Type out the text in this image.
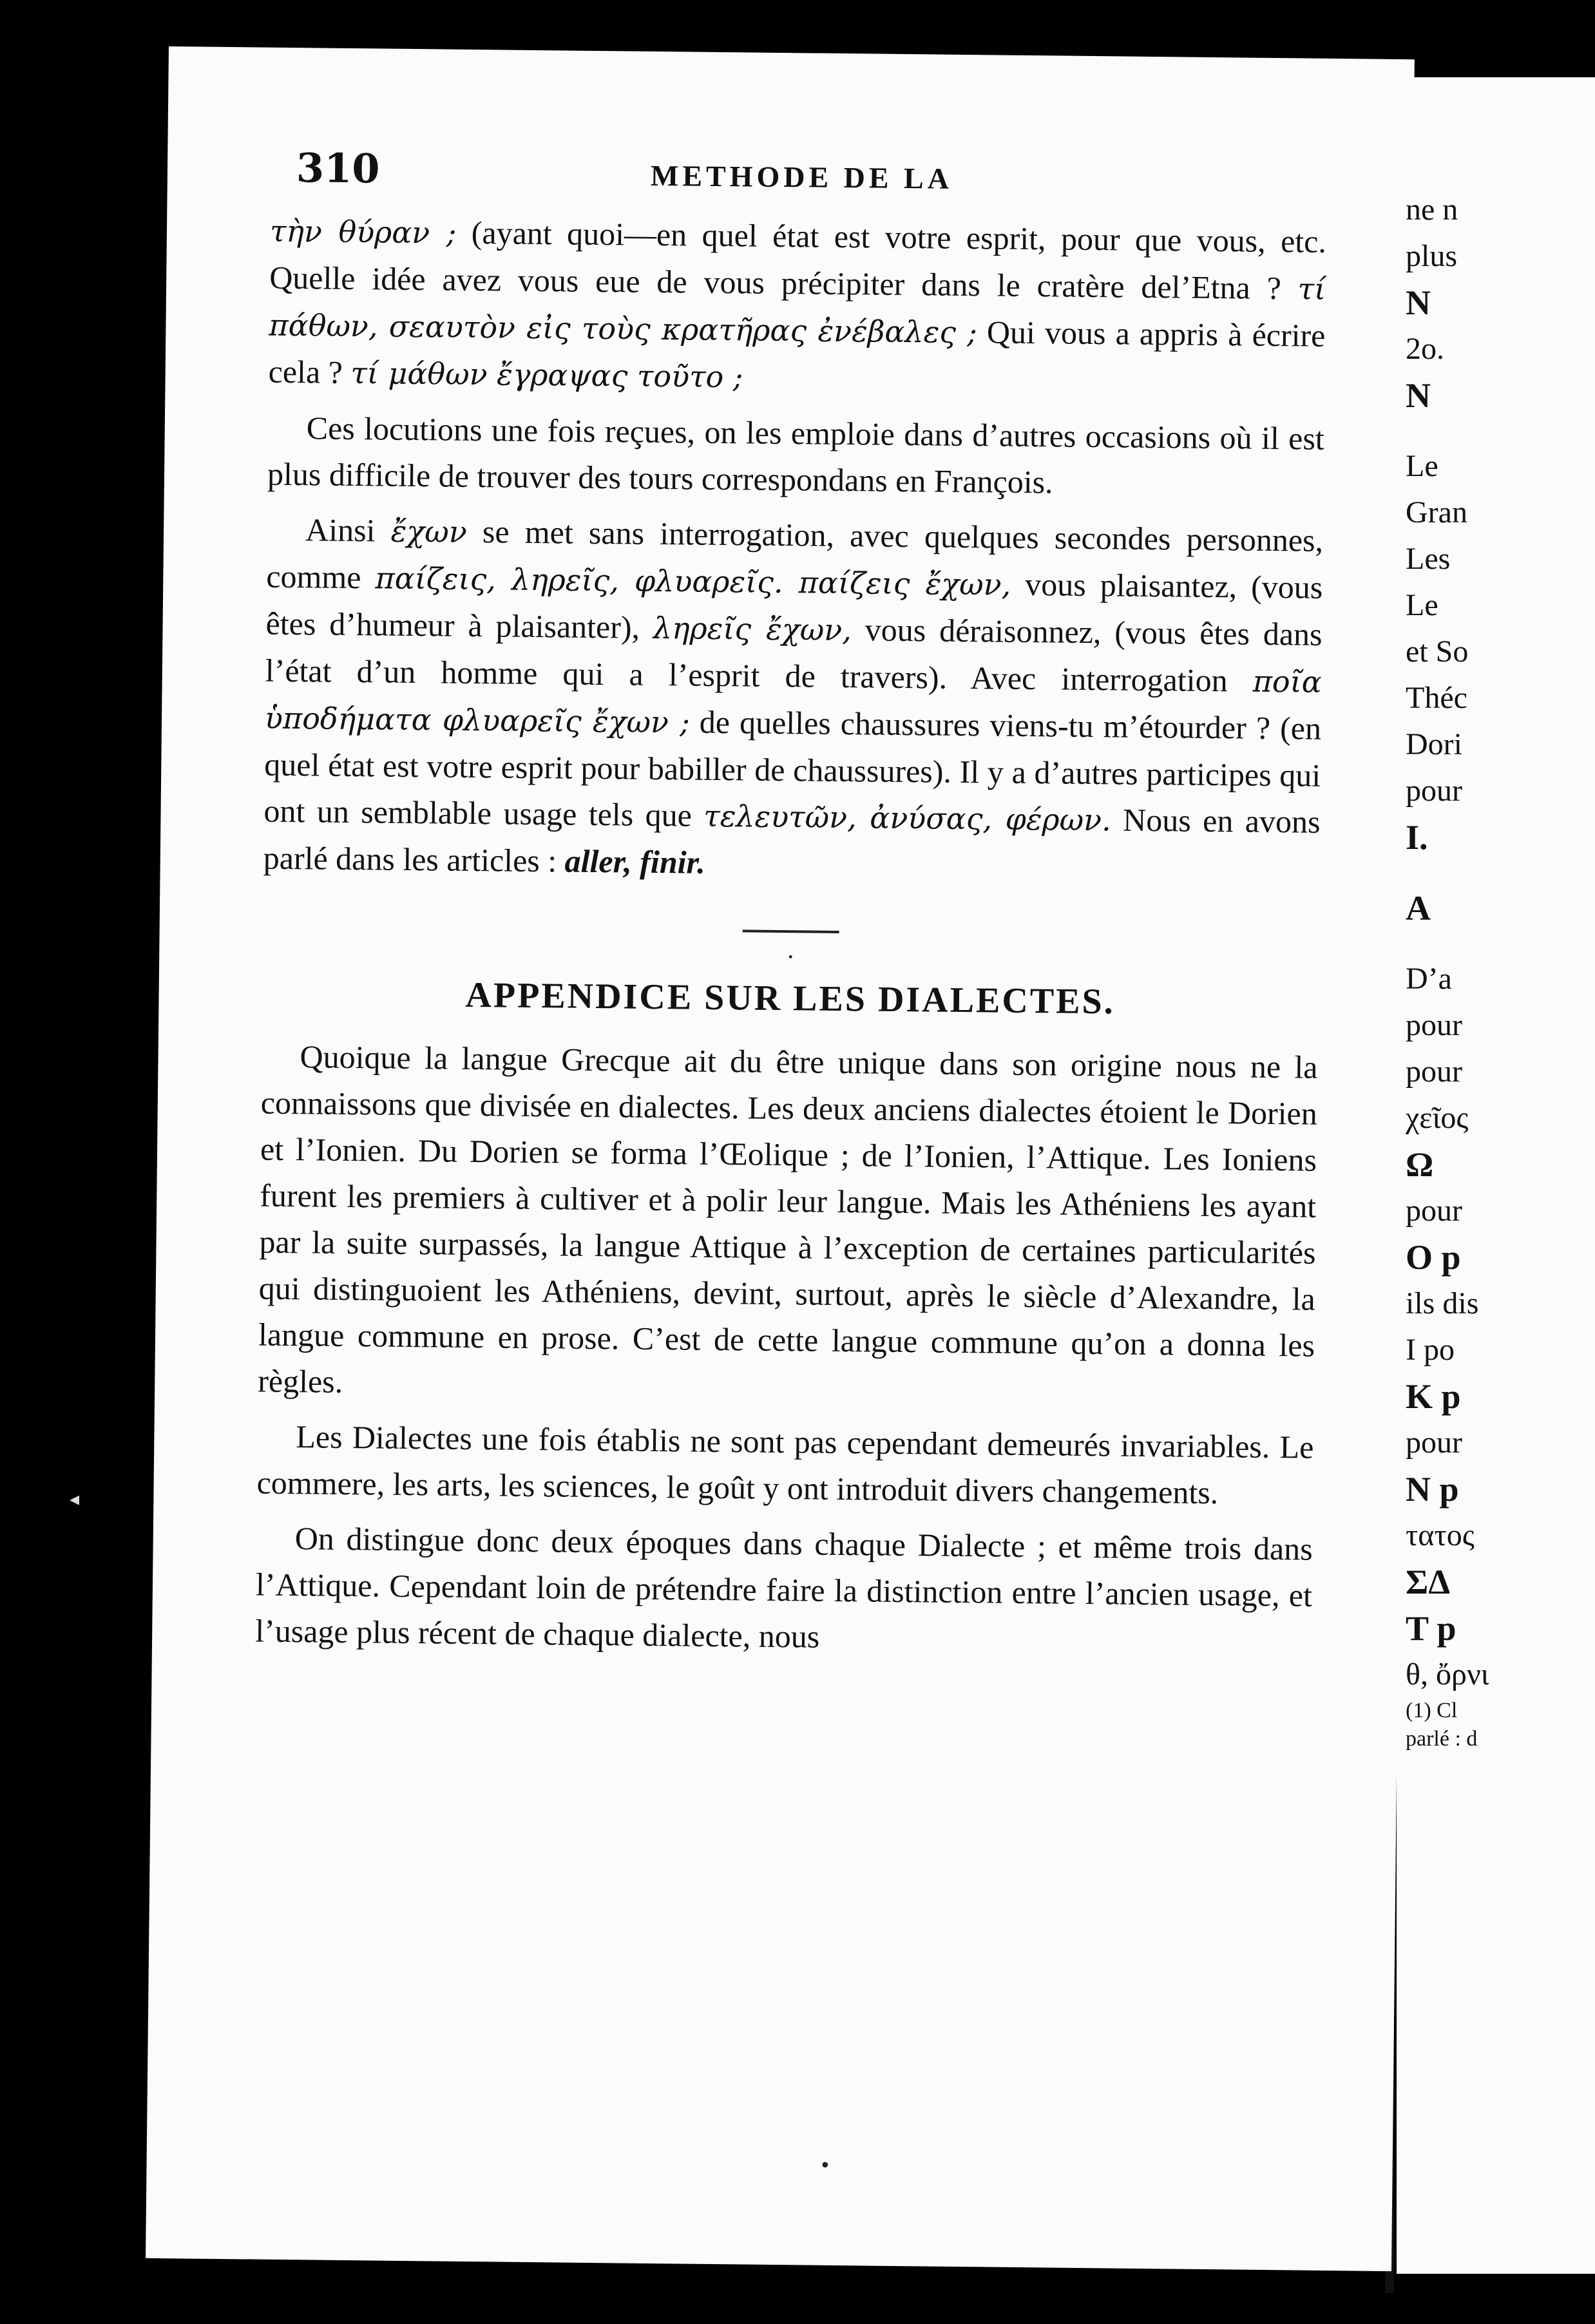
310	METHODE DE LA

τὴν θύραν ; (ayant quoi—en quel état est votre esprit, pour que vous, etc. Quelle idée avez vous eue de vous précipiter dans le cratère del’Etna ? τί πάθων, σεαυτὸν εἰς τοὺς κρατῆρας ἐνέβαλες ; Qui vous a appris à écrire cela ? τί μάθων ἔγραψας τοῦτο ;

Ces locutions une fois reçues, on les emploie dans d’autres occasions où il est plus difficile de trouver des tours correspondans en François.

Ainsi ἔχων se met sans interrogation, avec quelques secondes personnes, comme παίζεις, ληρεῖς, φλυαρεῖς. παίζεις ἔχων, vous plaisantez, (vous êtes d’humeur à plaisanter), ληρεῖς ἔχων, vous déraisonnez, (vous êtes dans l’état d’un homme qui a l’esprit de travers). Avec interrogation ποῖα ὑποδήματα φλυαρεῖς ἔχων ; de quelles chaussures viens-tu m’étourder ? (en quel état est votre esprit pour babiller de chaussures). Il y a d’autres participes qui ont un semblable usage tels que τελευτῶν, ἀνύσας, φέρων. Nous en avons parlé dans les articles : aller, finir.

.
APPENDICE SUR LES DIALECTES.

Quoique la langue Grecque ait du être unique dans son origine nous ne la connaissons que divisée en dialectes. Les deux anciens dialectes étoient le Dorien et l’Ionien. Du Dorien se forma l’Œolique ; de l’Ionien, l’Attique. Les Ioniens furent les premiers à cultiver et à polir leur langue. Mais les Athéniens les ayant par la suite surpassés, la langue Attique à l’exception de certaines particularités qui distinguoient les Athéniens, devint, surtout, après le siècle d’Alexandre, la langue commune en prose. C’est de cette langue commune qu’on a donna les règles.

Les Dialectes une fois établis ne sont pas cependant demeurés invariables. Le commere, les arts, les sciences, le goût y ont introduit divers changements.

On distingue donc deux époques dans chaque Dialecte ; et même trois dans l’Attique. Cependant loin de prétendre faire la distinction entre l’ancien usage, et l’usage plus récent de chaque dialecte, nous

ne n
plus
N
2o.
N
Le
Gran
Les
Le
et So
Théc
Dori
pour
I.
A
D’a
pour
pour
χεῖος
Ω
pour
O p
ils dis
I po
K p
pour
Ν p
τατος
ΣΔ
T p
θ, ὄρνι
(1) Cl
parlé : d
◂
•
